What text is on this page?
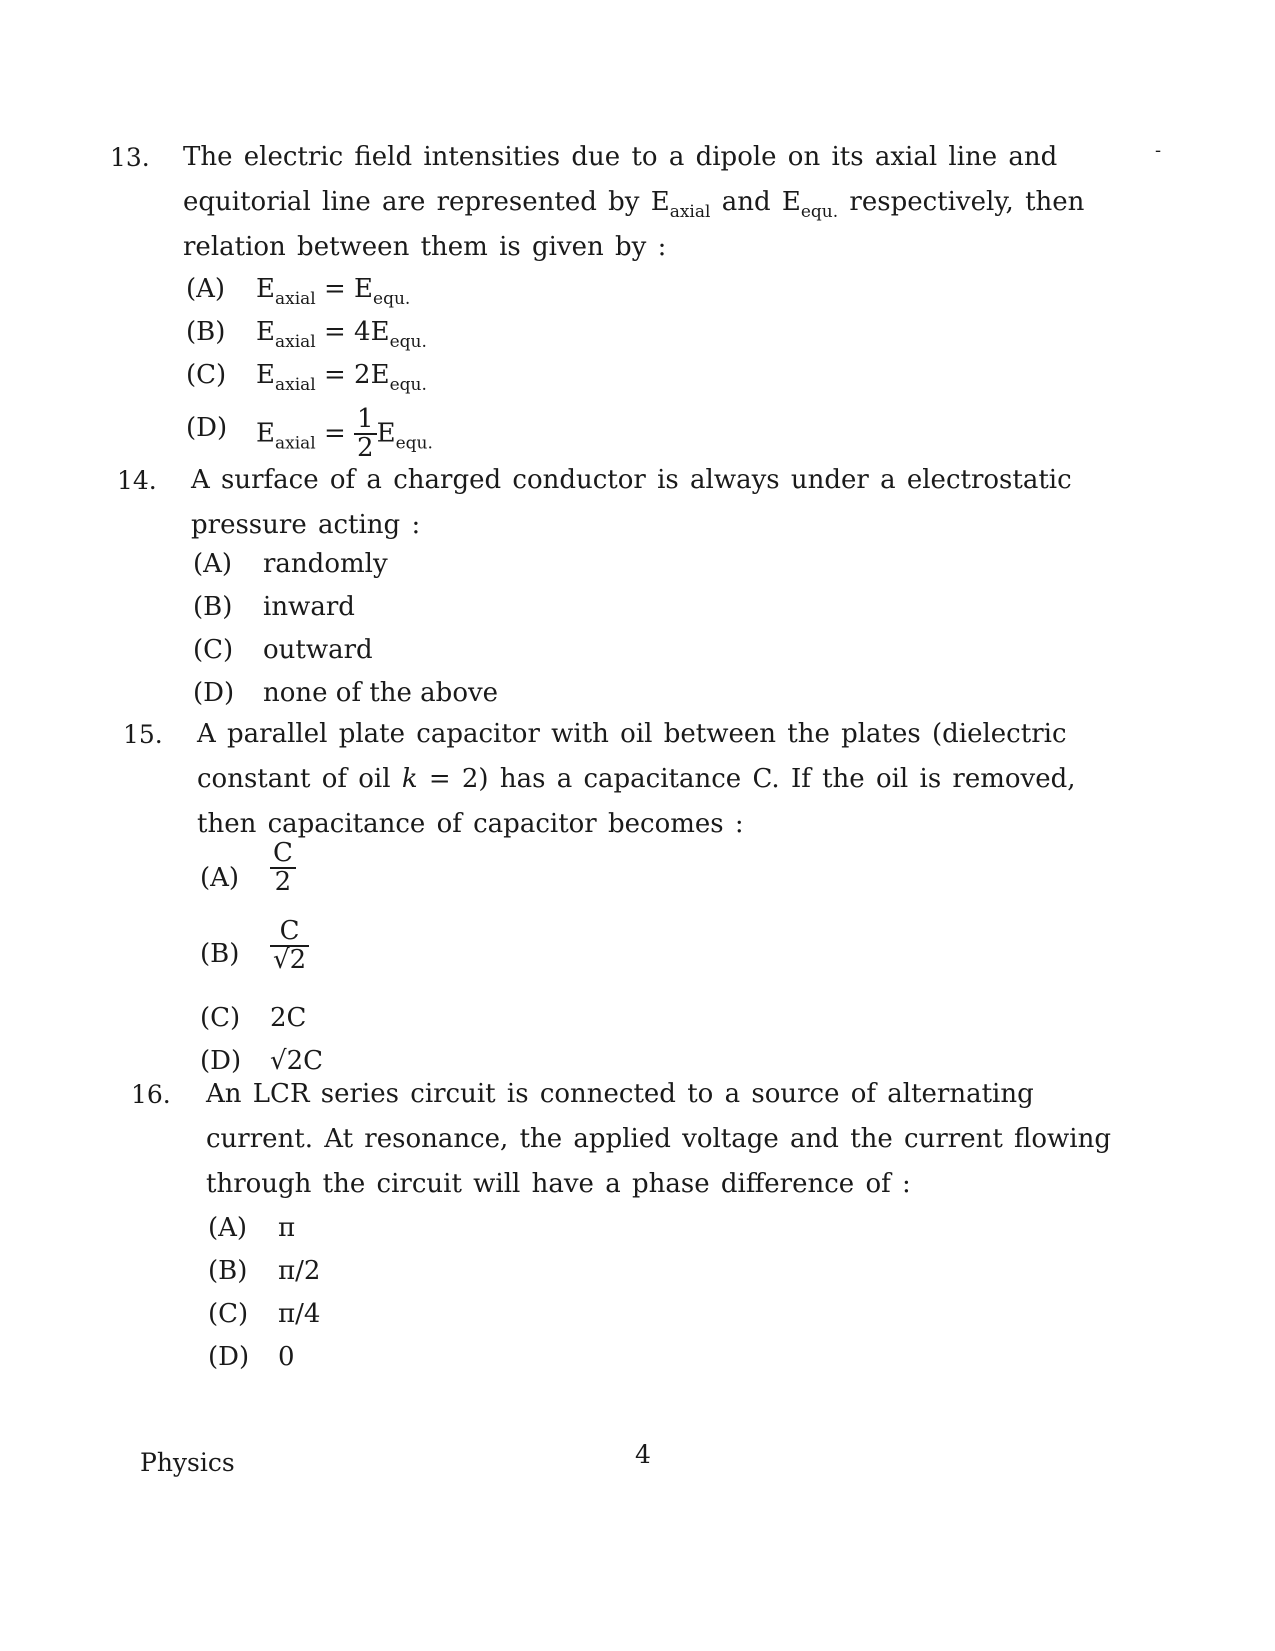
-
13. The electric field intensities due to a dipole on its axial line and equitorial line are represented by $E_{axial}$ and $E_{equ.}$ respectively, then relation between them is given by :
(A) $E_{axial} = E_{equ.}$
(B) $E_{axial} = 4E_{equ.}$
(C) $E_{axial} = 2E_{equ.}$
(D) $E_{axial} = \frac{1}{2} E_{equ.}$
14. A surface of a charged conductor is always under a electrostatic pressure acting :
(A) randomly
(B) inward
(C) outward
(D) none of the above
15. A parallel plate capacitor with oil between the plates (dielectric constant of oil k = 2) has a capacitance C. If the oil is removed, then capacitance of capacitor becomes :
$(A) \frac{C}{2}$
$(B) \frac{C}{√2}$
(C) 2C
(D) √2C
16. An LCR series circuit is connected to a source of alternating current. At resonance, the applied voltage and the current flowing through the circuit will have a phase difference of :
(A) π
(B) π/2
(C) π/4
(D) 0
Physics	4
